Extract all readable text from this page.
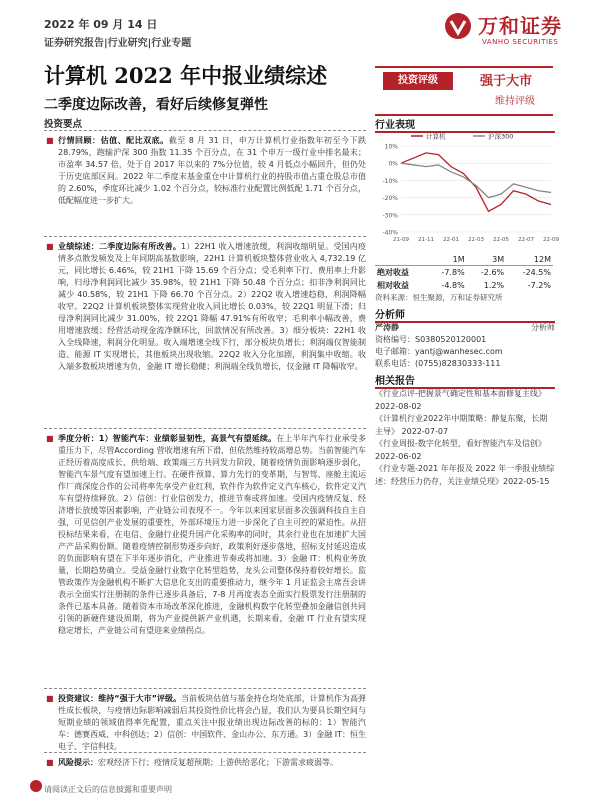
2022 年 09 月 14 日
证券研究报告|行业研究|行业专题
万和证券
VANHO SECURITIES
计算机 2022 年中报业绩综述
二季度边际改善，看好后续修复弹性
投资要点
投资评级	强于大市
维持评级

■ 行情回顾：估值、配比双底。截至 8 月 31 日，申万计算机行业指数年初至今下跌 28.79%，跑输沪深 300 指数 11.35 个百分点，在 31 个申万一级行业中排名最末；市盈率 34.57 倍，处于自 2017 年以来的 7%分位值，较 4 月低点小幅回升，但仍处于历史底部区间。2022 年二季度末基金重仓中计算机行业的持股市值占重仓股总市值的 2.60%，季度环比减少 1.02 个百分点，较标准行业配置比例低配 1.71 个百分点，低配幅度进一步扩大。

■ 业绩综述：二季度边际有所改善。1）22H1 收入增速放缓，利润收缩明显。受国内疫情多点散发频发及上年同期高基数影响，22H1 计算机板块整体营业收入 4,732.19 亿元，同比增长 6.46%，较 21H1 下降 15.69 个百分点；受毛利率下行、费用率上升影响，归母净利润同比减少 35.98%，较 21H1 下降 50.48 个百分点；扣非净利润同比减少 40.58%，较 21H1 下降 66.70 个百分点。2）22Q2 收入增速趋稳，利润降幅收窄。22Q2 计算机板块整体实现营业收入同比增长 0.03%，较 22Q1 明显下滑；归母净利润同比减少 31.00%，较 22Q1 降幅 47.91%有所收窄；毛利率小幅改善，费用增速放缓；经营活动现金流净额环比，回款情况有所改善。3）细分板块：22H1 收入全线降速，利润分化明显。收入端增速全线下行，部分板块负增长；利润端仅智能制造、能源 IT 实现增长，其他板块出现收缩。22Q2 收入分化加剧，利润集中收缩。收入端多数板块增速为负，金融 IT 增长稳健；利润端全线负增长，仅金融 IT 降幅收窄。

■ 季度分析：1）智能汽车：业绩彰显韧性，高景气有望延续。在上半年汽车行业承受多重压力下，尽管According 营收增速有所下滑，但依然维持较高增总势。当前智能汽车正经历着高度成长、供给端、政策端三方共同发力阶段，随着疫情负面影响逐步弱化，智能汽车景气度有望加速上行。在硬件预算、算力先行的变革期，与智驾、座舱主流运作厂商深度合作的公司将率先享受产业红利，软件作为软件定义汽车核心，软件定义汽车有望持续释放。2）信创：行业信创发力，推进节奏或将加速。受国内疫情反复、经济增长放缓等因素影响，产业链公司表现不一。今年以来国家层面多次强调科技自主自强，可见信创产业发展的重要性，外部环境压力进一步深化了自主可控的紧迫性。从招投标结果来看，在电信、金融行业提升国产化采购率的同时，其余行业也在加速扩大国产产品采购份额。随着疫情控制形势逐步向好，政策利好逐步落地，招标支付延迟造成的负面影响有望在下半年逐步消化，产业推进节奏或将加速。3）金融 IT：机构业务放量，长期趋势确立。受益金融行业数字化转型趋势，龙头公司整体保持着较好增长。监管政策作为金融机构不断扩大信息化支出的重要推动力，继今年 1 月证监会主席吾会讲表示全面实行注册制的条件已逐步具备后，7-8 月再度表态全面实行股票发行注册制的条件已基本具备。随着资本市场改革深化推进，金融机构数字化转型叠加金融信创共同引领的新硬件建设周期，将为产业提供新产业机遇，长期来看，金融 IT 行业有望实现稳定增长，产业链公司有望迎来业绩拐点。

■ 投资建议：维持“强于大市”评级。当前板块估值与基金持仓均处底部，计算机作为高弹性成长板块，与疫情边际影响减弱后其投资性价比将会凸显，我们认为要具长期空间与短期业绩的领域值得率先配置，重点关注中报业绩出现边际改善的标的：1）智能汽车：德赛西威、中科创达；2）信创：中国软件、金山办公、东方通。3）金融 IT：恒生电子、宇信科技。

■ 风险提示：宏观经济下行；疫情反复超预期；上游供给恶化；下游需求疲弱等。

行业表现
10%
0%
-10%
-20%
-30%
-40%
21-09 21-11 22-01 22-03 22-05 22-07 22-09
计算机	沪深300
	1M	3M	12M
绝对收益	-7.8%	-2.6%	-24.5%
相对收益	-4.8%	1.2%	-7.2%
资料来源：恒生聚源，万和证券研究所
分析师
严涛静	分析师
资格编号：S0380520120001
电子邮箱：yantj@wanhesec.com
联系电话：(0755)82830333-111
相关报告
《行业点评-把握景气确定性和基本面修复主线》
2022-08-02
《计算机行业2022年中期策略：静复东聚，长期主导》 2022-07-07
《行业周报-数字化转型，看好智能汽车及信创》
2022-06-02
《行业专题-2021 年年报及 2022 年一季报业绩综述：经营压力仍存，关注业绩兑现》2022-05-15
请阅读正文后的信息披露和重要声明
